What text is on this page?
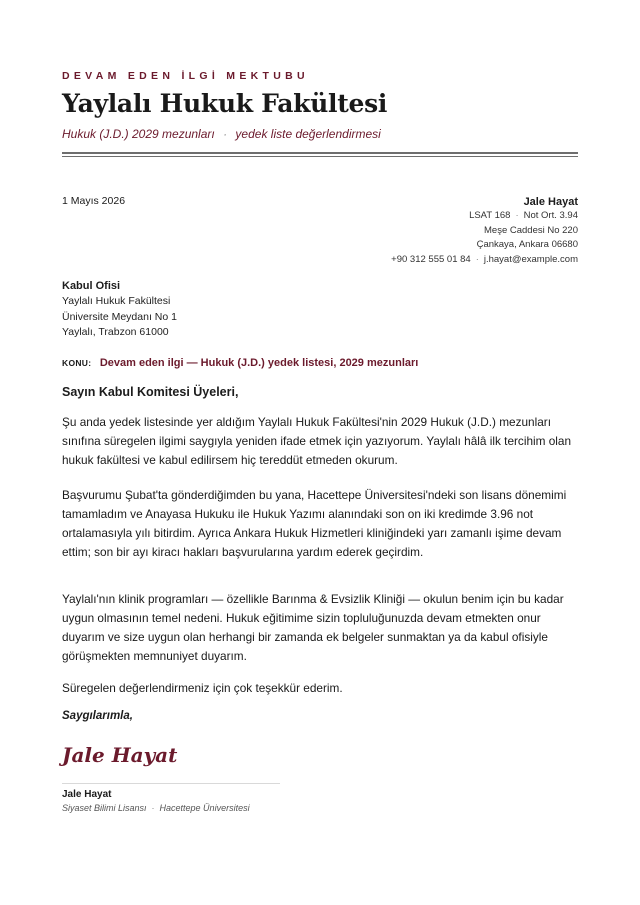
DEVAM EDEN İLGİ MEKTUBU
Yaylalı Hukuk Fakültesi
Hukuk (J.D.) 2029 mezunları · yedek liste değerlendirmesi
1 Mayıs 2026	Jale Hayat
LSAT 168 · Not Ort. 3.94
Meşe Caddesi No 220
Çankaya, Ankara 06680
+90 312 555 01 84 · j.hayat@example.com
Kabul Ofisi
Yaylalı Hukuk Fakültesi
Üniversite Meydanı No 1
Yaylalı, Trabzon 61000
KONU: Devam eden ilgi — Hukuk (J.D.) yedek listesi, 2029 mezunları
Sayın Kabul Komitesi Üyeleri,
Şu anda yedek listesinde yer aldığım Yaylalı Hukuk Fakültesi'nin 2029 Hukuk (J.D.) mezunları sınıfına süregelen ilgimi saygıyla yeniden ifade etmek için yazıyorum. Yaylalı hâlâ ilk tercihim olan hukuk fakültesi ve kabul edilirsem hiç tereddüt etmeden okurum.
Başvurumu Şubat'ta gönderdiğimden bu yana, Hacettepe Üniversitesi'ndeki son lisans dönemimi tamamladım ve Anayasa Hukuku ile Hukuk Yazımı alanındaki son on iki kredimde 3.96 not ortalamasıyla yılı bitirdim. Ayrıca Ankara Hukuk Hizmetleri kliniğindeki yarı zamanlı işime devam ettim; son bir ayı kiracı hakları başvurularına yardım ederek geçirdim.
Yaylalı'nın klinik programları — özellikle Barınma & Evsizlik Kliniği — okulun benim için bu kadar uygun olmasının temel nedeni. Hukuk eğitimime sizin topluluğunuzda devam etmekten onur duyarım ve size uygun olan herhangi bir zamanda ek belgeler sunmaktan ya da kabul ofisiyle görüşmekten memnuniyet duyarım.
Süregelen değerlendirmeniz için çok teşekkür ederim.
Saygılarımla,
Jale Hayat
Jale Hayat
Siyaset Bilimi Lisansı · Hacettepe Üniversitesi
